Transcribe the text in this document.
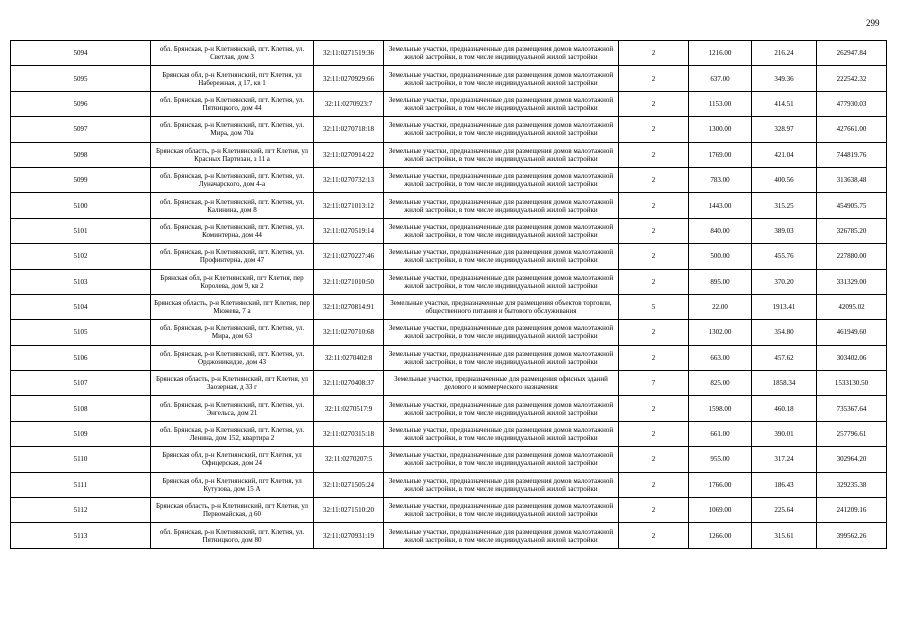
299
5094	обл. Брянская, р-н Клетнянский, пгт. Клетня, ул. Светлая, дом 3	32:11:0271519:36	Земельные участки, предназначенные для размещения домов малоэтажной жилой застройки, в том числе индивидуальной жилой застройки	2	1216.00	216.24	262947.84
5095	Брянская обл, р-н Клетнянский, пгт Клетня, ул Набережная, д 17, кв 1	32:11:0270929:66	Земельные участки, предназначенные для размещения домов малоэтажной жилой застройки, в том числе индивидуальной жилой застройки	2	637.00	349.36	222542.32
5096	обл. Брянская, р-н Клетнянский, пгт. Клетня, ул. Пятницкого, дом 44	32:11:0270923:7	Земельные участки, предназначенные для размещения домов малоэтажной жилой застройки, в том числе индивидуальной жилой застройки	2	1153.00	414.51	477930.03
5097	обл. Брянская, р-н Клетнянский, пгт. Клетня, ул. Мира, дом 70а	32:11:0270718:18	Земельные участки, предназначенные для размещения домов малоэтажной жилой застройки, в том числе индивидуальной жилой застройки	2	1300.00	328.97	427661.00
5098	Брянская область, р-н Клетнянский, пгт Клетня, ул Красных Партизан, з 11 а	32:11:0270914:22	Земельные участки, предназначенные для размещения домов малоэтажной жилой застройки, в том числе индивидуальной жилой застройки	2	1769.00	421.04	744819.76
5099	обл. Брянская, р-н Клетнянский, пгт. Клетня, ул. Луначарского, дом 4-а	32:11:0270732:13	Земельные участки, предназначенные для размещения домов малоэтажной жилой застройки, в том числе индивидуальной жилой застройки	2	783.00	400.56	313638.48
5100	обл. Брянская, р-н Клетнянский, пгт. Клетня, ул. Калинина, дом 8	32:11:0271013:12	Земельные участки, предназначенные для размещения домов малоэтажной жилой застройки, в том числе индивидуальной жилой застройки	2	1443.00	315.25	454905.75
5101	обл. Брянская, р-н Клетнянский, пгт. Клетня, ул. Коминтерна, дом 44	32:11:0270519:14	Земельные участки, предназначенные для размещения домов малоэтажной жилой застройки, в том числе индивидуальной жилой застройки	2	840.00	389.03	326785.20
5102	обл. Брянская, р-н Клетнянский, пгт. Клетня, ул. Профинтерна, дом 47	32:11:0270227:46	Земельные участки, предназначенные для размещения домов малоэтажной жилой застройки, в том числе индивидуальной жилой застройки	2	500.00	455.76	227880.00
5103	Брянская обл, р-н Клетнянский, пгт Клетня, пер Королева, дом 9, кв 2	32:11:0271010:50	Земельные участки, предназначенные для размещения домов малоэтажной жилой застройки, в том числе индивидуальной жилой застройки	2	895.00	370.20	331329.00
5104	Брянская область, р-н Клетнянский, пгт Клетня, пер Мюжева, 7 а	32:11:0270814:91	Земельные участки, предназначенные для размещения объектов торговли, общественного питания и бытового обслуживания	5	22.00	1913.41	42095.02
5105	обл. Брянская, р-н Клетнянский, пгт. Клетня, ул. Мира, дом 63	32:11:0270710:68	Земельные участки, предназначенные для размещения домов малоэтажной жилой застройки, в том числе индивидуальной жилой застройки	2	1302.00	354.80	461949.60
5106	обл. Брянская, р-н Клетнянский, пгт. Клетня, ул. Орджоникидзе, дом 43	32:11:0270402:8	Земельные участки, предназначенные для размещения домов малоэтажной жилой застройки, в том числе индивидуальной жилой застройки	2	663.00	457.62	303402.06
5107	Брянская область, р-н Клетнянский, пгт Клетня, ул Заозерная, д 33 г	32:11:0270408:37	Земельные участки, предназначенные для размещения офисных зданий делового и коммерческого назначения	7	825.00	1858.34	1533130.50
5108	обл. Брянская, р-н Клетнянский, пгт. Клетня, ул. Энгельса, дом 21	32:11:0270517:9	Земельные участки, предназначенные для размещения домов малоэтажной жилой застройки, в том числе индивидуальной жилой застройки	2	1598.00	460.18	735367.64
5109	обл. Брянская, р-н Клетнянский, пгт. Клетня, ул. Ленина, дом 152, квартира 2	32:11:0270315:18	Земельные участки, предназначенные для размещения домов малоэтажной жилой застройки, в том числе индивидуальной жилой застройки	2	661.00	390.01	257796.61
5110	Брянская обл, р-н Клетнянский, пгт Клетня, ул Офицерская, дом 24	32:11:0270207:5	Земельные участки, предназначенные для размещения домов малоэтажной жилой застройки, в том числе индивидуальной жилой застройки	2	955.00	317.24	302964.20
5111	Брянская обл, р-н Клетнянский, пгт Клетня, ул Кутузова, дом 15 А	32:11:0271505:24	Земельные участки, предназначенные для размещения домов малоэтажной жилой застройки, в том числе индивидуальной жилой застройки	2	1766.00	186.43	329235.38
5112	Брянская область, р-н Клетнянский, пгт Клетня, ул Первомайская, д 60	32:11:0271510:20	Земельные участки, предназначенные для размещения домов малоэтажной жилой застройки, в том числе индивидуальной жилой застройки	2	1069.00	225.64	241209.16
5113	обл. Брянская, р-н Клетнянский, пгт. Клетня, ул. Пятницкого, дом 80	32:11:0270931:19	Земельные участки, предназначенные для размещения домов малоэтажной жилой застройки, в том числе индивидуальной жилой застройки	2	1266.00	315.61	399562.26
